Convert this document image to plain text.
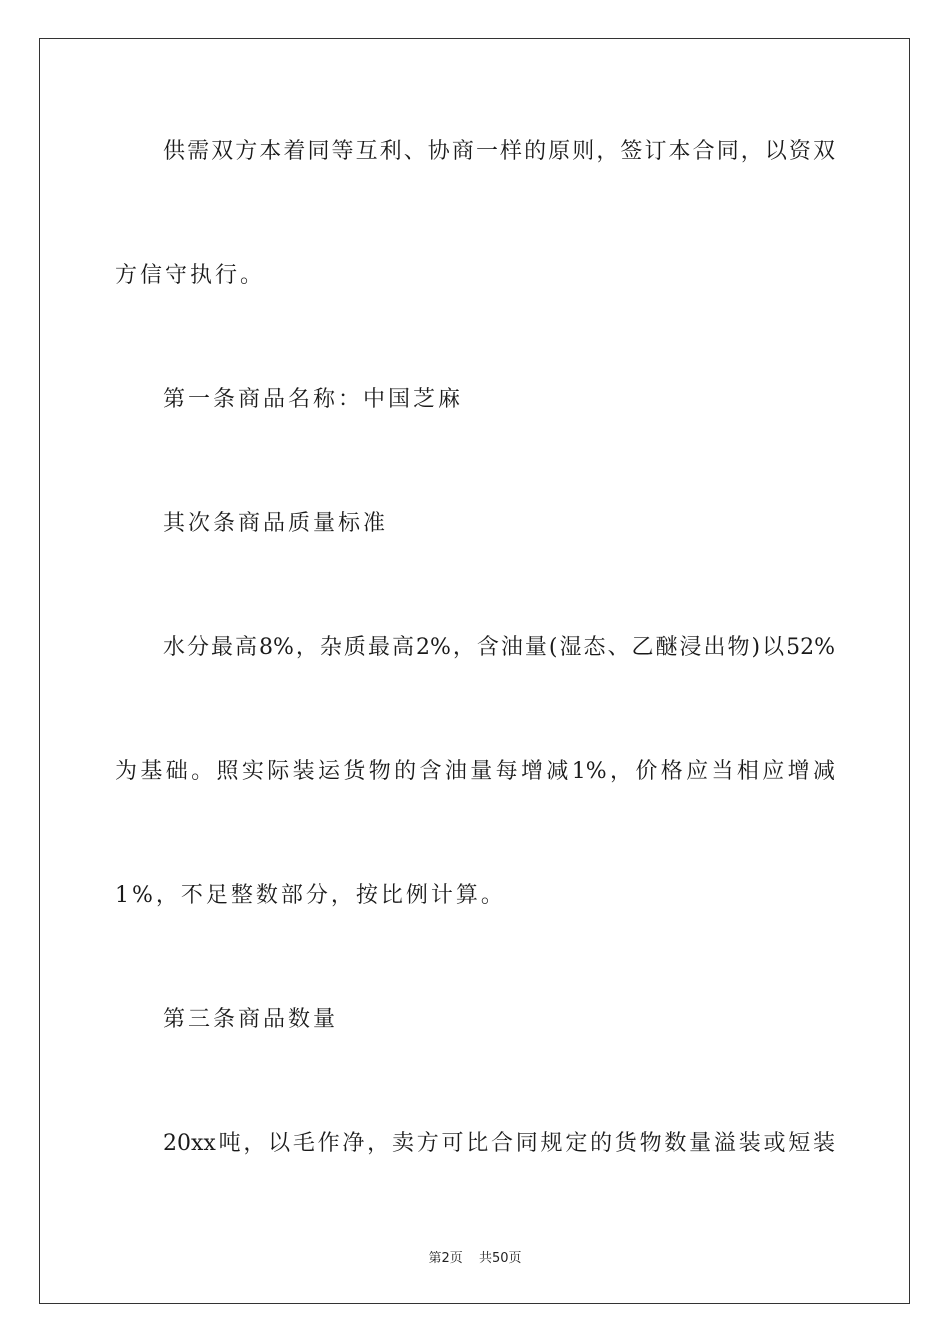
供需双方本着同等互利、协商一样的原则，签订本合同，以资双
方信守执行。
第一条商品名称：中国芝麻
其次条商品质量标准
水分最高8%，杂质最高2%，含油量(湿态、乙醚浸出物)以52%
为基础。照实际装运货物的含油量每增减1%，价格应当相应增减
1%，不足整数部分，按比例计算。
第三条商品数量
20xx吨，以毛作净，卖方可比合同规定的货物数量溢装或短装
第2页 共50页
